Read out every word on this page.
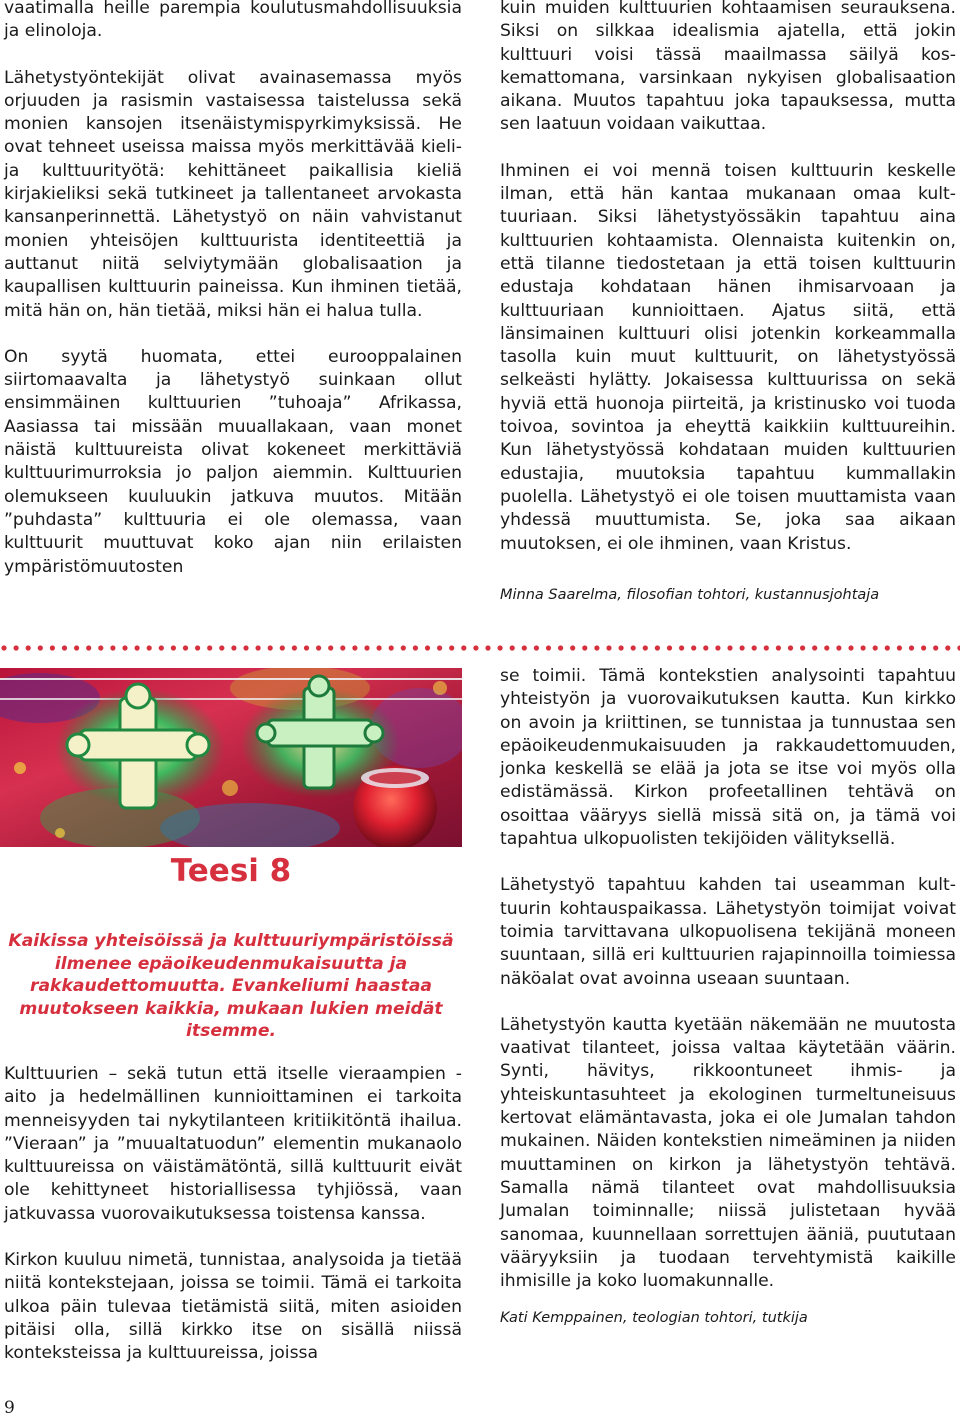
vaatimalla heille parempia koulutusmahdollisuuksia ja elinoloja.

Lähetystyöntekijät olivat avainasemassa myös orjuuden ja rasismin vastaisessa taistelussa sekä monien kansojen itsenäistymispyrkimyksissä. He ovat tehneet useissa maissa myös merkittävää kieli- ja kulttuurityötä: kehittäneet paikallisia kieliä kirjakieliksi sekä tutkineet ja tallentaneet arvokasta kansanperinnettä. Lähetystyö on näin vahvistanut monien yhteisöjen kulttuurista identiteettiä ja auttanut niitä selviytymään globalisaation ja kaupallisen kulttuurin paineissa. Kun ihminen tietää, mitä hän on, hän tietää, miksi hän ei halua tulla.

On syytä huomata, ettei eurooppalainen siirtomaavalta ja lähetystyö suinkaan ollut ensimmäinen kulttuurien ”tuhoaja” Afrikassa, Aasiassa tai missään muuallakaan, vaan monet näistä kulttuureista olivat kokeneet merkittäviä kulttuurimurroksia jo paljon aiemmin. Kulttuurien olemukseen kuuluukin jatkuva muutos. Mitään ”puhdasta” kulttuuria ei ole olemassa, vaan kulttuurit muuttuvat koko ajan niin erilaisten ympäristömuutosten

kuin muiden kulttuurien kohtaamisen seurauksena. Siksi on silkkaa idealismia ajatella, että jokin kulttuuri voisi tässä maailmassa säilyä koskemattomana, varsinkaan nykyisen globalisaation aikana. Muutos tapahtuu joka tapauksessa, mutta sen laatuun voidaan vaikuttaa.

Ihminen ei voi mennä toisen kulttuurin keskelle ilman, että hän kantaa mukanaan omaa kulttuuriaan. Siksi lähetystyössäkin tapahtuu aina kulttuurien kohtaamista. Olennaista kuitenkin on, että tilanne tiedostetaan ja että toisen kulttuurin edustaja kohdataan hänen ihmisarvoaan ja kulttuuriaan kunnioittaen. Ajatus siitä, että länsimainen kulttuuri olisi jotenkin korkeammalla tasolla kuin muut kulttuurit, on lähetystyössä selkeästi hylätty. Jokaisessa kulttuurissa on sekä hyviä että huonoja piirteitä, ja kristinusko voi tuoda toivoa, sovintoa ja eheyttä kaikkiin kulttuureihin. Kun lähetystyössä kohdataan muiden kulttuurien edustajia, muutoksia tapahtuu kummallakin puolella. Lähetystyö ei ole toisen muuttamista vaan yhdessä muuttumista. Se, joka saa aikaan muutoksen, ei ole ihminen, vaan Kristus.

Minna Saarelma, filosofian tohtori, kustannusjohtaja

Teesi 8
Kaikissa yhteisöissä ja kulttuuriympäristöissä ilmenee epäoikeudenmukaisuutta ja rakkaudettomuutta. Evankeliumi haastaa muutokseen kaikkia, mukaan lukien meidät itsemme.

Kulttuurien – sekä tutun että itselle vieraampien - aito ja hedelmällinen kunnioittaminen ei tarkoita menneisyyden tai nykytilanteen kritiikitöntä ihailua. ”Vieraan” ja ”muualtatuodun” elementin mukanaolo kulttuureissa on väistämätöntä, sillä kulttuurit eivät ole kehittyneet historiallisessa tyhjiössä, vaan jatkuvassa vuorovaikutuksessa toistensa kanssa.

Kirkon kuuluu nimetä, tunnistaa, analysoida ja tietää niitä kontekstejaan, joissa se toimii. Tämä ei tarkoita ulkoa päin tulevaa tietämistä siitä, miten asioiden pitäisi olla, sillä kirkko itse on sisällä niissä konteksteissa ja kulttuureissa, joissa

se toimii. Tämä kontekstien analysointi tapahtuu yhteistyön ja vuorovaikutuksen kautta. Kun kirkko on avoin ja kriittinen, se tunnistaa ja tunnustaa sen epäoikeudenmukaisuuden ja rakkaudettomuuden, jonka keskellä se elää ja jota se itse voi myös olla edistämässä. Kirkon profeetallinen tehtävä on osoittaa vääryys siellä missä sitä on, ja tämä voi tapahtua ulkopuolisten tekijöiden välityksellä.

Lähetystyö tapahtuu kahden tai useamman kulttuurin kohtauspaikassa. Lähetystyön toimijat voivat toimia tarvittavana ulkopuolisena tekijänä moneen suuntaan, sillä eri kulttuurien rajapinnoilla toimiessa näköalat ovat avoinna useaan suuntaan.

Lähetystyön kautta kyetään näkemään ne muutosta vaativat tilanteet, joissa valtaa käytetään väärin. Synti, hävitys, rikkoontuneet ihmis- ja yhteiskuntasuhteet ja ekologinen turmeltuneisuus kertovat elämäntavasta, joka ei ole Jumalan tahdon mukainen. Näiden kontekstien nimeäminen ja niiden muuttaminen on kirkon ja lähetystyön tehtävä. Samalla nämä tilanteet ovat mahdollisuuksia Jumalan toiminnalle; niissä julistetaan hyvää sanomaa, kuunnellaan sorrettujen ääniä, puututaan vääryyksiin ja tuodaan tervehtymistä kaikille ihmisille ja koko luomakunnalle.

Kati Kemppainen, teologian tohtori, tutkija

9
